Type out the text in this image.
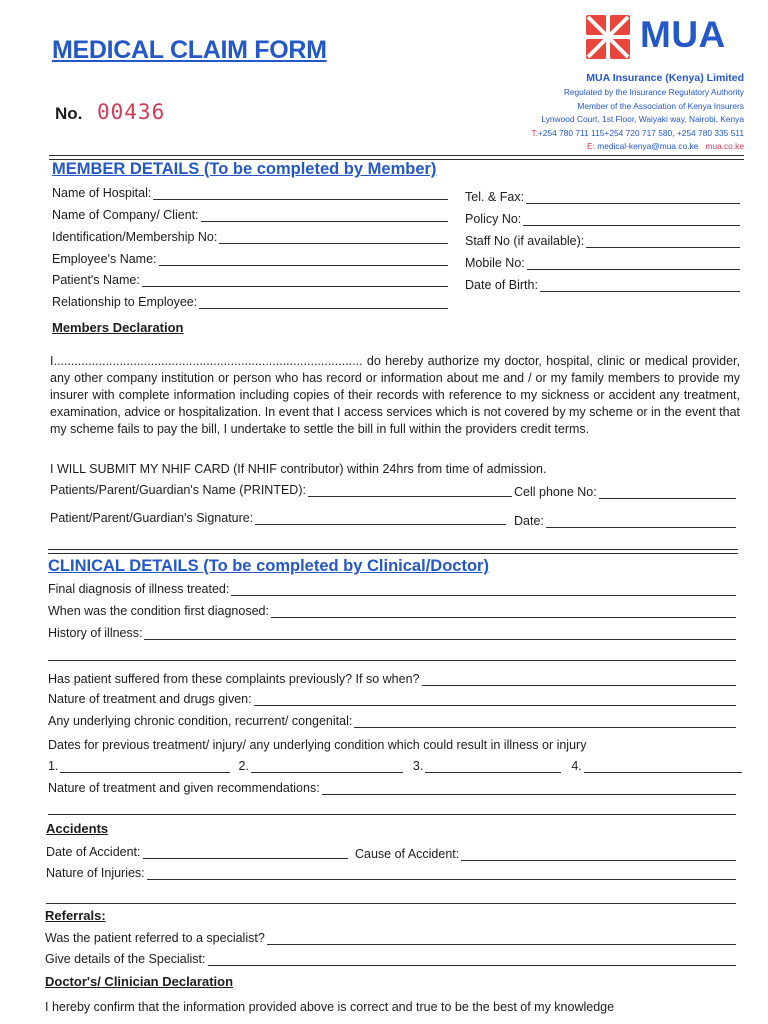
MEDICAL CLAIM FORM
No. 00436
MUA
MUA Insurance (Kenya) Limited
Regulated by the Insurance Regulatory Authority
Member of the Association of Kenya Insurers
Lynwood Court, 1st Floor, Waiyaki way, Nairobi, Kenya
T:+254 780 711 115+254 720 717 580, +254 780 335 511
E: medical-kenya@mua.co.ke mua.co.ke
MEMBER DETAILS (To be completed by Member)
Name of Hospital:
Name of Company/ Client:
Identification/Membership No:
Employee's Name:
Patient's Name:
Relationship to Employee:
Tel. & Fax:
Policy No:
Staff No (if available):
Mobile No:
Date of Birth:
Members Declaration
I......................................................................................... do hereby authorize my doctor, hospital, clinic or medical provider, any other company institution or person who has record or information about me and / or my family members to provide my insurer with complete information including copies of their records with reference to my sickness or accident any treatment, examination, advice or hospitalization. In event that I access services which is not covered by my scheme or in the event that my scheme fails to pay the bill, I undertake to settle the bill in full within the providers credit terms.
I WILL SUBMIT MY NHIF CARD (If NHIF contributor) within 24hrs from time of admission.
Patients/Parent/Guardian's Name (PRINTED):	Cell phone No:
Patient/Parent/Guardian's Signature:	Date:
CLINICAL DETAILS (To be completed by Clinical/Doctor)
Final diagnosis of illness treated:
When was the condition first diagnosed:
History of illness:
Has patient suffered from these complaints previously? If so when?
Nature of treatment and drugs given:
Any underlying chronic condition, recurrent/ congenital:
Dates for previous treatment/ injury/ any underlying condition which could result in illness or injury
1.	2.	3.	4.
Nature of treatment and given recommendations:
Accidents
Date of Accident:	Cause of Accident:
Nature of Injuries:
Referrals:
Was the patient referred to a specialist?
Give details of the Specialist:
Doctor's/ Clinician Declaration
I hereby confirm that the information provided above is correct and true to be the best of my knowledge
